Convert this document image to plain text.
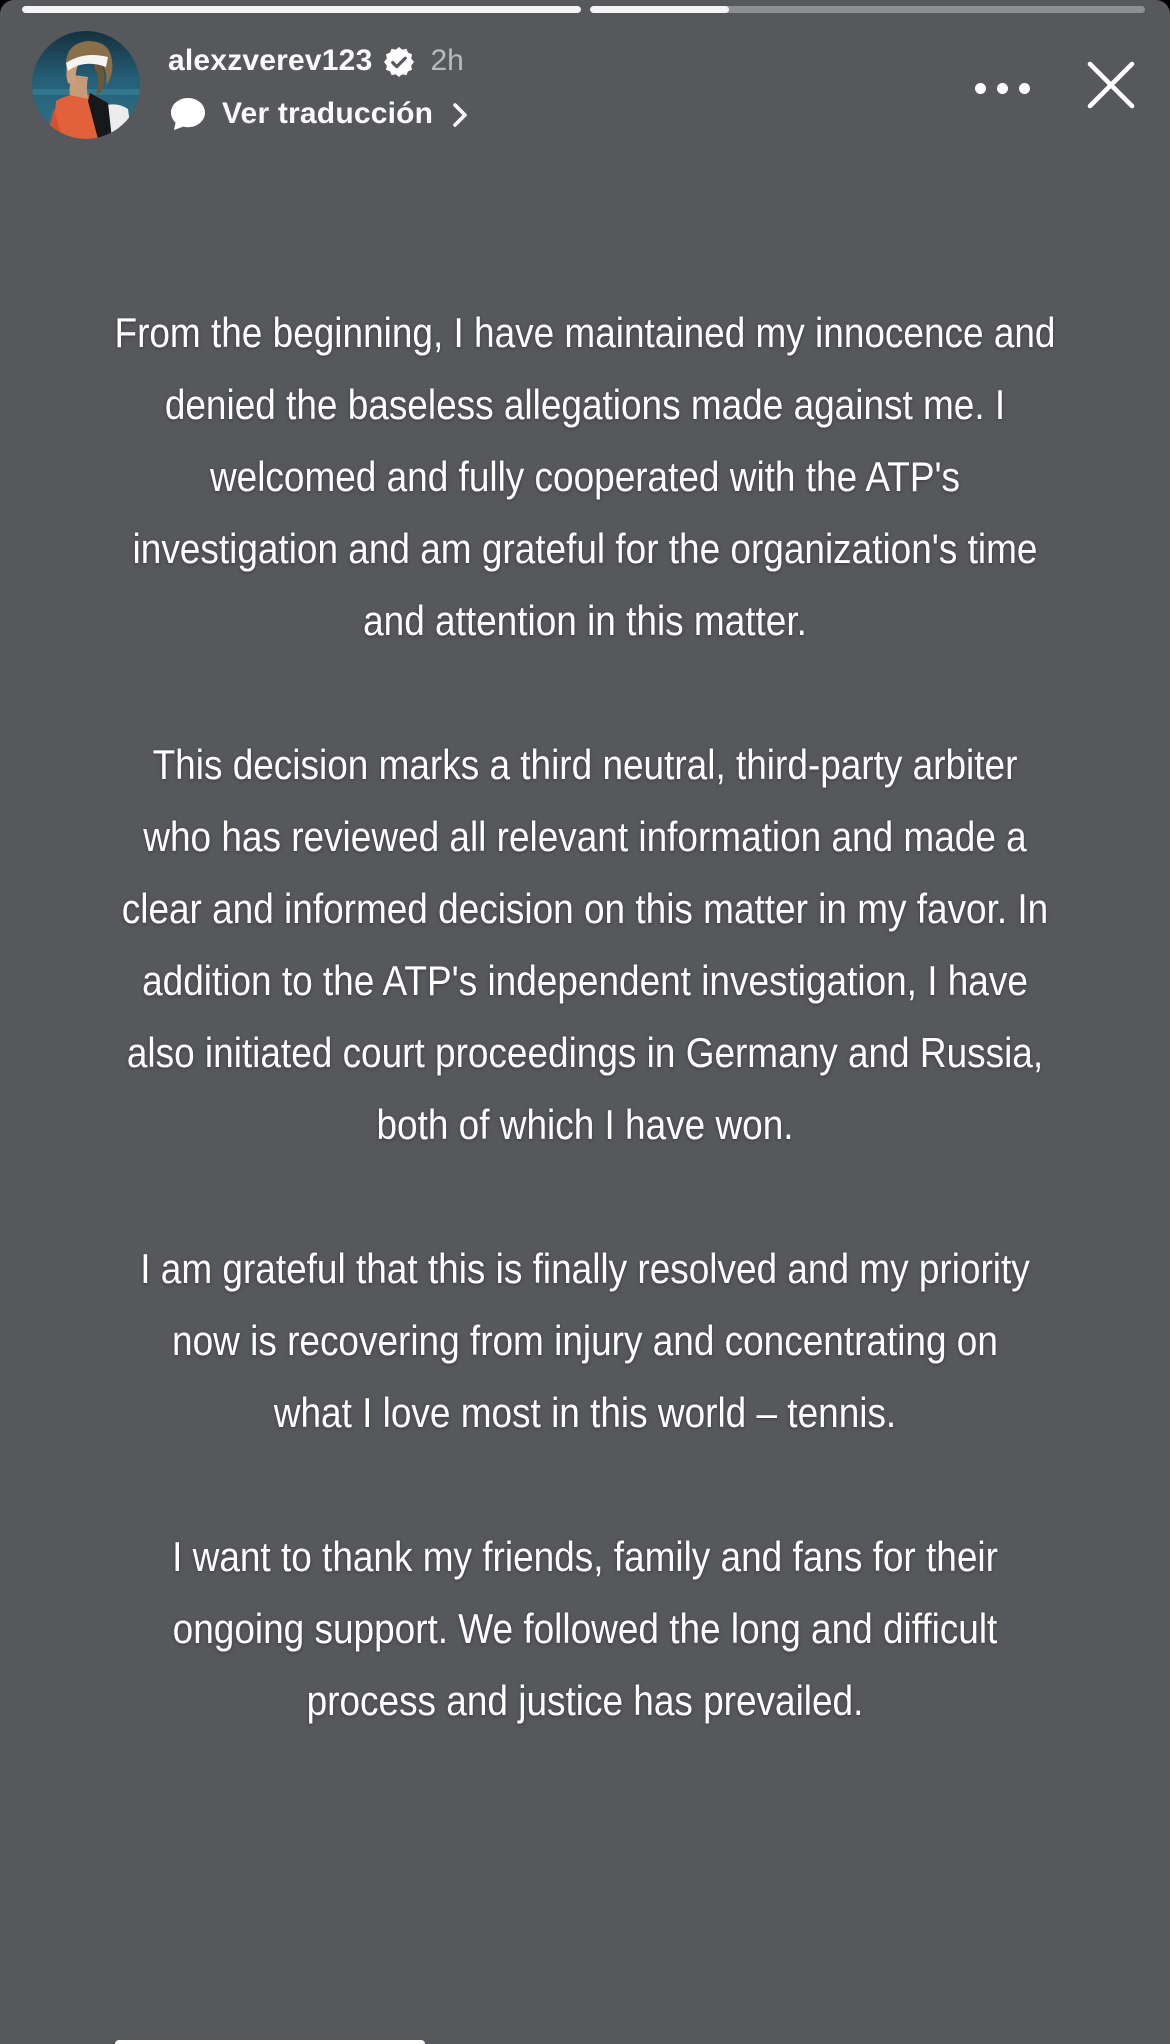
alexzverev123 2h
Ver traducción
From the beginning, I have maintained my innocence and
denied the baseless allegations made against me. I
welcomed and fully cooperated with the ATP's
investigation and am grateful for the organization's time
and attention in this matter.
This decision marks a third neutral, third-party arbiter
who has reviewed all relevant information and made a
clear and informed decision on this matter in my favor. In
addition to the ATP's independent investigation, I have
also initiated court proceedings in Germany and Russia,
both of which I have won.
I am grateful that this is finally resolved and my priority
now is recovering from injury and concentrating on
what I love most in this world – tennis.
I want to thank my friends, family and fans for their
ongoing support. We followed the long and difficult
process and justice has prevailed.
